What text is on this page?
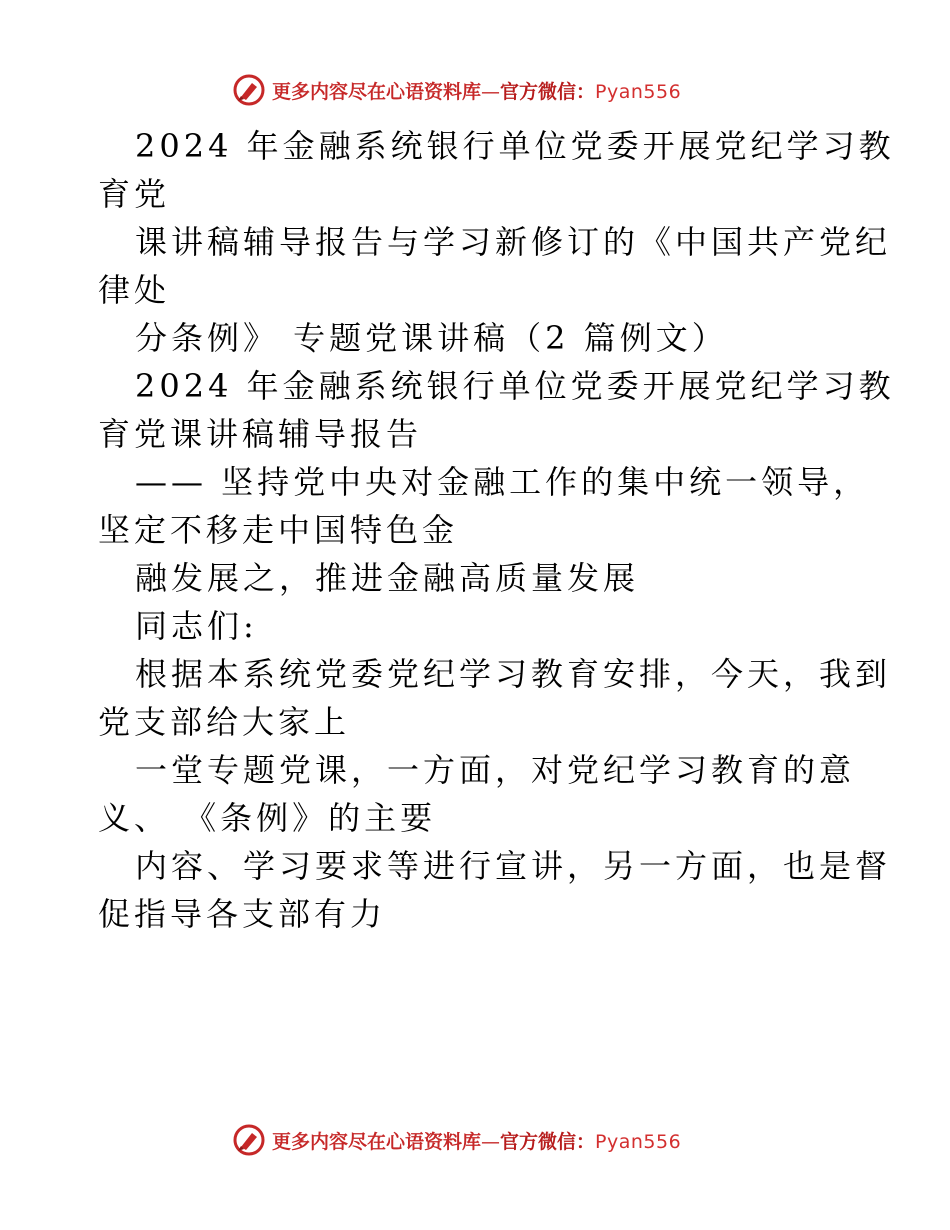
更多内容尽在心语资料库—官方微信：Pyan556
2024 年金融系统银行单位党委开展党纪学习教
育党
课讲稿辅导报告与学习新修订的《中国共产党纪
律处
分条例》 专题党课讲稿（2 篇例文）
2024 年金融系统银行单位党委开展党纪学习教
育党课讲稿辅导报告
—— 坚持党中央对金融工作的集中统一领导，
坚定不移走中国特色金
融发展之，推进金融高质量发展
同志们:
根据本系统党委党纪学习教育安排，今天，我到
党支部给大家上
一堂专题党课，一方面，对党纪学习教育的意
义、 《条例》的主要
内容、学习要求等进行宣讲，另一方面，也是督
促指导各支部有力
更多内容尽在心语资料库—官方微信：Pyan556
